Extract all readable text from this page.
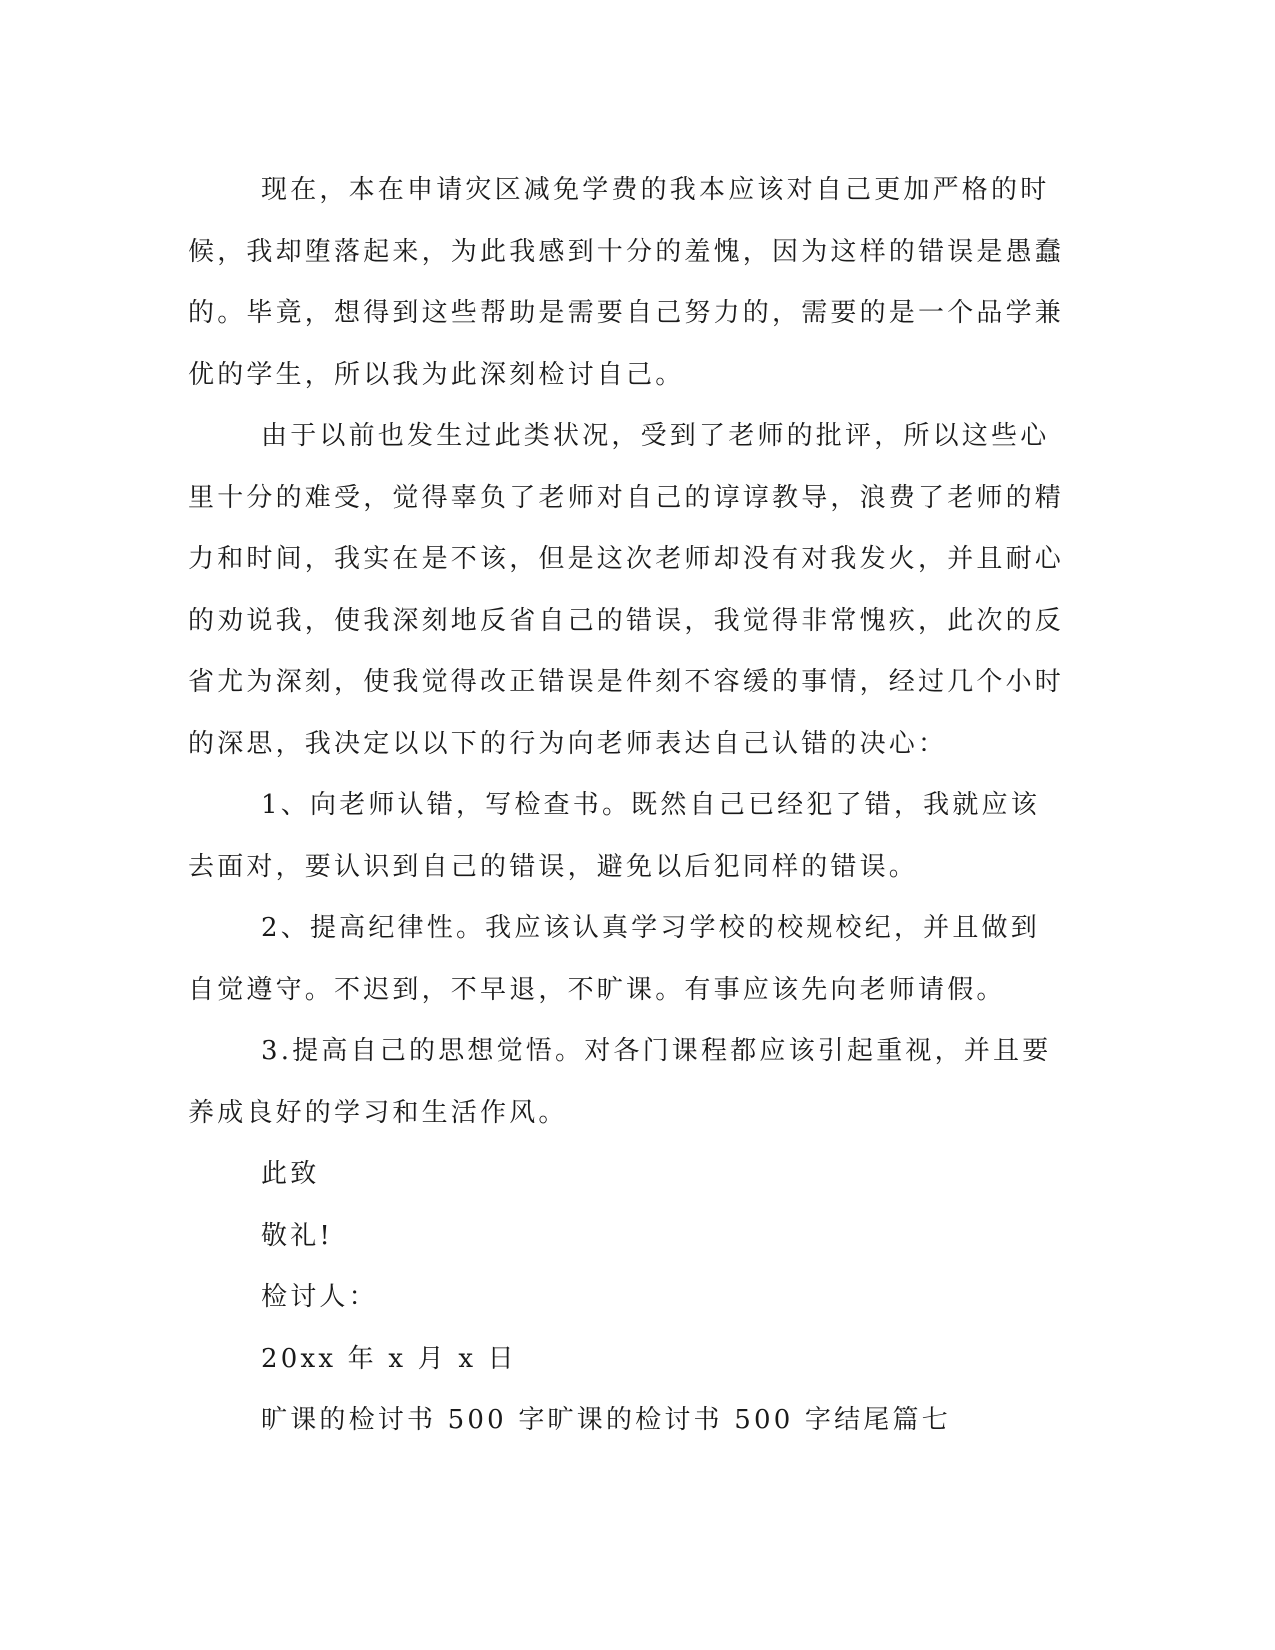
现在，本在申请灾区减免学费的我本应该对自己更加严格的时候，我却堕落起来，为此我感到十分的羞愧，因为这样的错误是愚蠢的。毕竟，想得到这些帮助是需要自己努力的，需要的是一个品学兼优的学生，所以我为此深刻检讨自己。

由于以前也发生过此类状况，受到了老师的批评，所以这些心里十分的难受，觉得辜负了老师对自己的谆谆教导，浪费了老师的精力和时间，我实在是不该，但是这次老师却没有对我发火，并且耐心的劝说我，使我深刻地反省自己的错误，我觉得非常愧疚，此次的反省尤为深刻，使我觉得改正错误是件刻不容缓的事情，经过几个小时的深思，我决定以以下的行为向老师表达自己认错的决心：

1、向老师认错，写检查书。既然自己已经犯了错，我就应该去面对，要认识到自己的错误，避免以后犯同样的错误。

2、提高纪律性。我应该认真学习学校的校规校纪，并且做到自觉遵守。不迟到，不早退，不旷课。有事应该先向老师请假。

3.提高自己的思想觉悟。对各门课程都应该引起重视，并且要养成良好的学习和生活作风。

此致

敬礼!

检讨人：

20xx 年 x 月 x 日

旷课的检讨书 500 字旷课的检讨书 500 字结尾篇七
